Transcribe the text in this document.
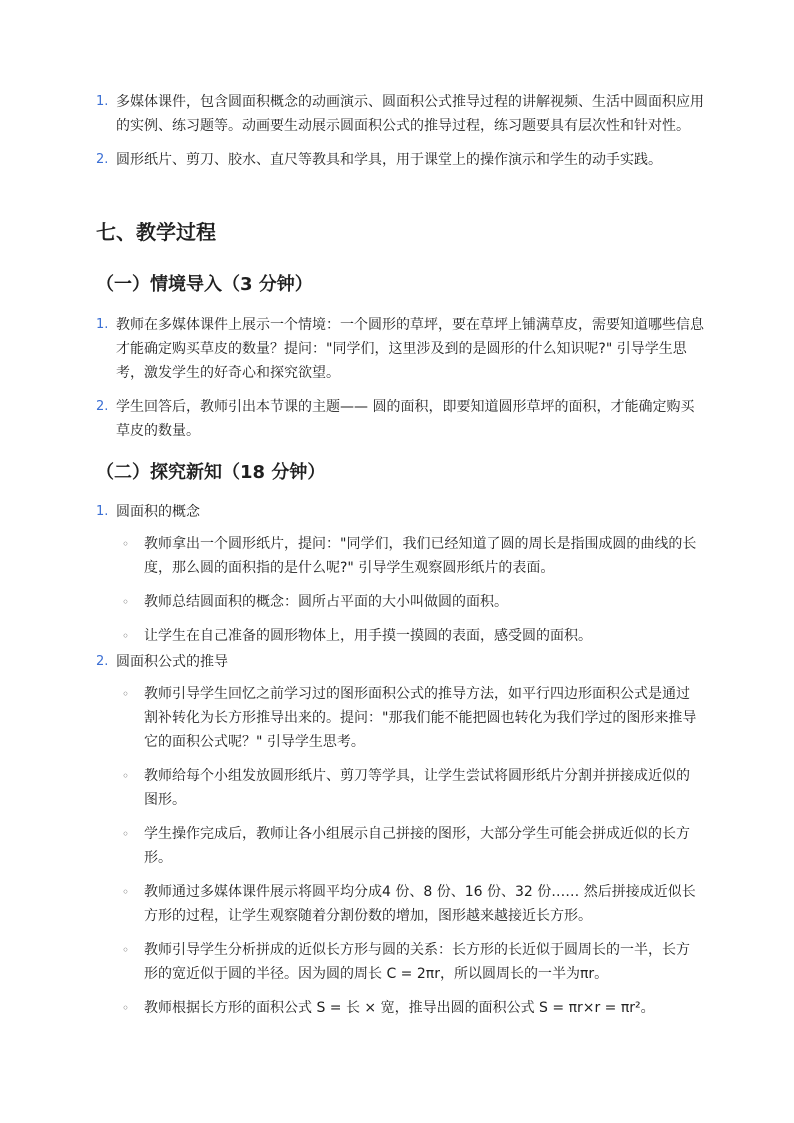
1. 多媒体课件，包含圆面积概念的动画演示、圆面积公式推导过程的讲解视频、生活中圆面积应用的实例、练习题等。动画要生动展示圆面积公式的推导过程，练习题要具有层次性和针对性。
2. 圆形纸片、剪刀、胶水、直尺等教具和学具，用于课堂上的操作演示和学生的动手实践。
七、教学过程
（一）情境导入（3 分钟）
1. 教师在多媒体课件上展示一个情境：一个圆形的草坪，要在草坪上铺满草皮，需要知道哪些信息才能确定购买草皮的数量？提问："同学们，这里涉及到的是圆形的什么知识呢?" 引导学生思考，激发学生的好奇心和探究欲望。
2. 学生回答后，教师引出本节课的主题—— 圆的面积，即要知道圆形草坪的面积，才能确定购买草皮的数量。
（二）探究新知（18 分钟）
1. 圆面积的概念
◦ 教师拿出一个圆形纸片，提问："同学们，我们已经知道了圆的周长是指围成圆的曲线的长度，那么圆的面积指的是什么呢?" 引导学生观察圆形纸片的表面。
◦ 教师总结圆面积的概念：圆所占平面的大小叫做圆的面积。
◦ 让学生在自己准备的圆形物体上，用手摸一摸圆的表面，感受圆的面积。
2. 圆面积公式的推导
◦ 教师引导学生回忆之前学习过的图形面积公式的推导方法，如平行四边形面积公式是通过割补转化为长方形推导出来的。提问："那我们能不能把圆也转化为我们学过的图形来推导它的面积公式呢？" 引导学生思考。
◦ 教师给每个小组发放圆形纸片、剪刀等学具，让学生尝试将圆形纸片分割并拼接成近似的图形。
◦ 学生操作完成后，教师让各小组展示自己拼接的图形，大部分学生可能会拼成近似的长方形。
◦ 教师通过多媒体课件展示将圆平均分成4 份、8 份、16 份、32 份…… 然后拼接成近似长方形的过程，让学生观察随着分割份数的增加，图形越来越接近长方形。
◦ 教师引导学生分析拼成的近似长方形与圆的关系：长方形的长近似于圆周长的一半，长方形的宽近似于圆的半径。因为圆的周长 C = 2πr，所以圆周长的一半为πr。
◦ 教师根据长方形的面积公式 S = 长 × 宽，推导出圆的面积公式 S = πr×r = πr²。
